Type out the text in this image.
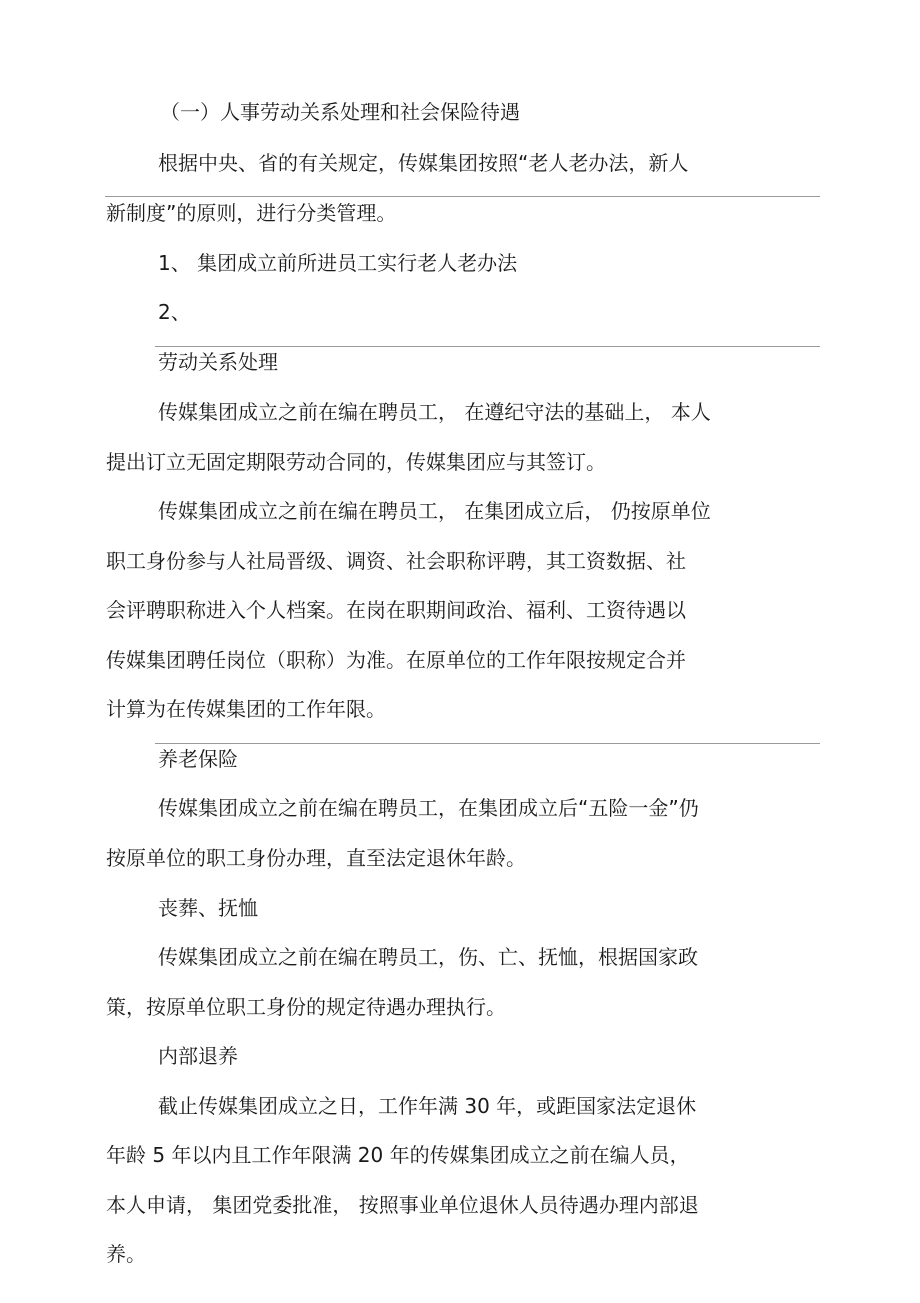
（一）人事劳动关系处理和社会保险待遇

根据中央、省的有关规定，传媒集团按照“老人老办法，新人

新制度”的原则，进行分类管理。

1、 集团成立前所进员工实行老人老办法

2、

劳动关系处理

传媒集团成立之前在编在聘员工， 在遵纪守法的基础上， 本人

提出订立无固定期限劳动合同的，传媒集团应与其签订。

传媒集团成立之前在编在聘员工， 在集团成立后， 仍按原单位

职工身份参与人社局晋级、调资、社会职称评聘，其工资数据、社

会评聘职称进入个人档案。在岗在职期间政治、福利、工资待遇以

传媒集团聘任岗位（职称）为准。在原单位的工作年限按规定合并

计算为在传媒集团的工作年限。

养老保险

传媒集团成立之前在编在聘员工，在集团成立后“五险一金”仍

按原单位的职工身份办理，直至法定退休年龄。

丧葬、抚恤

传媒集团成立之前在编在聘员工，伤、亡、抚恤，根据国家政

策，按原单位职工身份的规定待遇办理执行。

内部退养

截止传媒集团成立之日，工作年满 30 年，或距国家法定退休

年龄 5 年以内且工作年限满 20 年的传媒集团成立之前在编人员，

本人申请， 集团党委批准， 按照事业单位退休人员待遇办理内部退

养。
